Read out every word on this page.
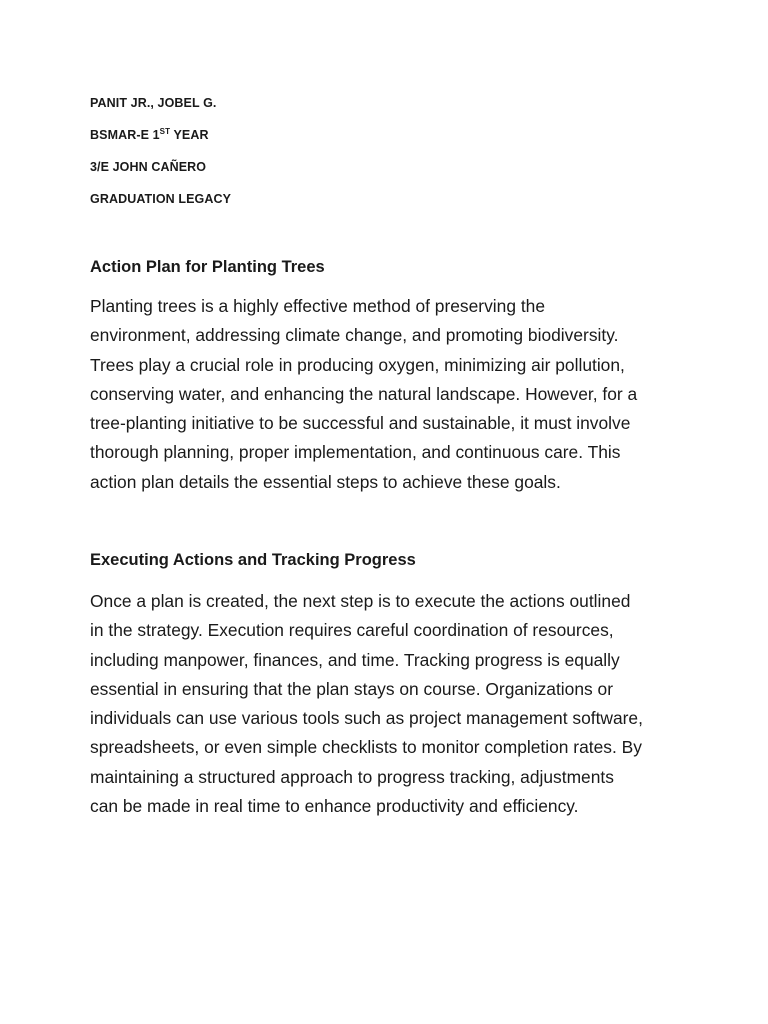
PANIT JR., JOBEL G.
BSMAR-E 1ST YEAR
3/E JOHN CAÑERO
GRADUATION LEGACY
Action Plan for Planting Trees
Planting trees is a highly effective method of preserving the
environment, addressing climate change, and promoting biodiversity.
Trees play a crucial role in producing oxygen, minimizing air pollution,
conserving water, and enhancing the natural landscape. However, for a
tree-planting initiative to be successful and sustainable, it must involve
thorough planning, proper implementation, and continuous care. This
action plan details the essential steps to achieve these goals.
Executing Actions and Tracking Progress
Once a plan is created, the next step is to execute the actions outlined
in the strategy. Execution requires careful coordination of resources,
including manpower, finances, and time. Tracking progress is equally
essential in ensuring that the plan stays on course. Organizations or
individuals can use various tools such as project management software,
spreadsheets, or even simple checklists to monitor completion rates. By
maintaining a structured approach to progress tracking, adjustments
can be made in real time to enhance productivity and efficiency.
